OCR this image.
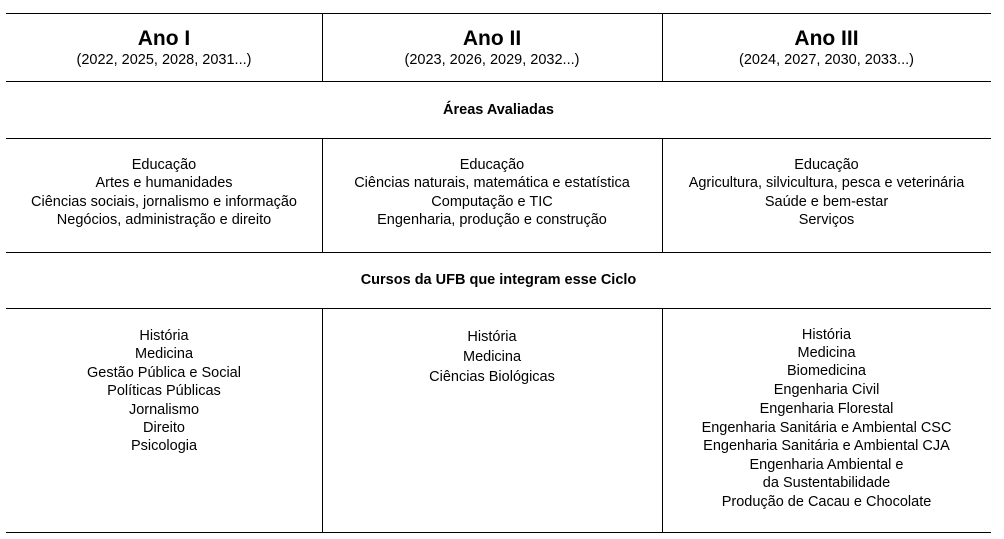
Ano I
(2022, 2025, 2028, 2031...)
Ano II
(2023, 2026, 2029, 2032...)
Ano III
(2024, 2027, 2030, 2033...)
Áreas Avaliadas
Educação
Artes e humanidades
Ciências sociais, jornalismo e informação
Negócios, administração e direito
Educação
Ciências naturais, matemática e estatística
Computação e TIC
Engenharia, produção e construção
Educação
Agricultura, silvicultura, pesca e veterinária
Saúde e bem-estar
Serviços
Cursos da UFB que integram esse Ciclo
História
Medicina
Gestão Pública e Social
Políticas Públicas
Jornalismo
Direito
Psicologia
História
Medicina
Ciências Biológicas
História
Medicina
Biomedicina
Engenharia Civil
Engenharia Florestal
Engenharia Sanitária e Ambiental CSC
Engenharia Sanitária e Ambiental CJA
Engenharia Ambiental e
da Sustentabilidade
Produção de Cacau e Chocolate
